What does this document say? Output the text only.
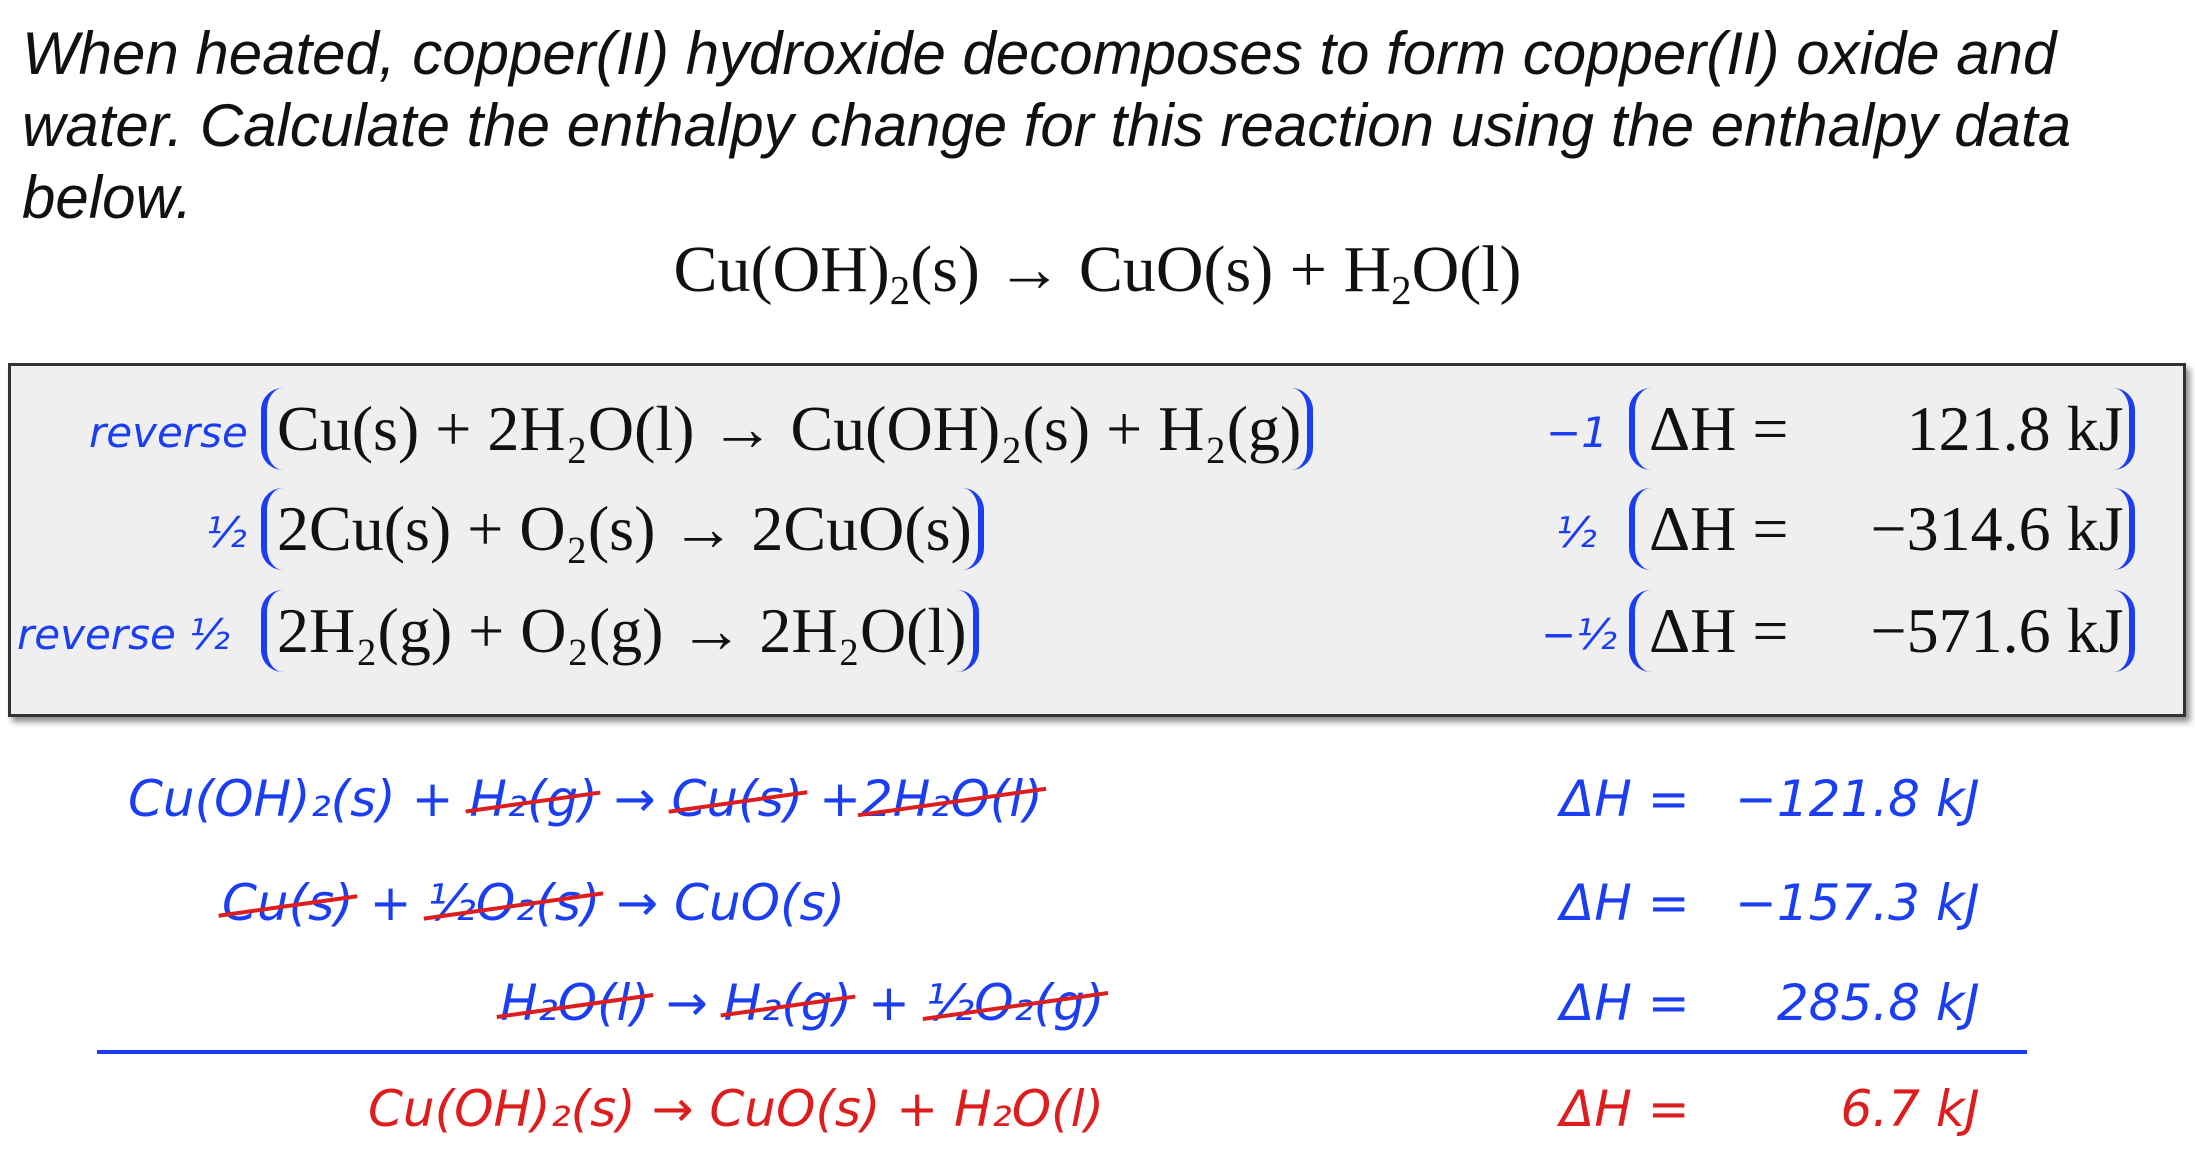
When heated, copper(II) hydroxide decomposes to form copper(II) oxide and water. Calculate the enthalpy change for this reaction using the enthalpy data below.
$Cu(OH)_2(s) \to CuO(s) + H_2O(l)$
reverse Cu(s) + 2H₂O(l) → Cu(OH)₂(s) + H₂(g)	−1 ΔH = 121.8 kJ
½ 2Cu(s) + O₂(s) → 2CuO(s)	½ ΔH = −314.6 kJ
reverse ½ 2H₂(g) + O₂(g) → 2H₂O(l)	−½ ΔH = −571.6 kJ
Cu(OH)₂(s) + H₂(g) → Cu(s) +2H₂O(l)	ΔH = −121.8 kJ
Cu(s) + ½O₂(s) → CuO(s)	ΔH = −157.3 kJ
H₂O(l) → H₂(g) + ½O₂(g)	ΔH = 285.8 kJ
Cu(OH)₂(s) → CuO(s) + H₂O(l)	ΔH =	6.7 kJ
